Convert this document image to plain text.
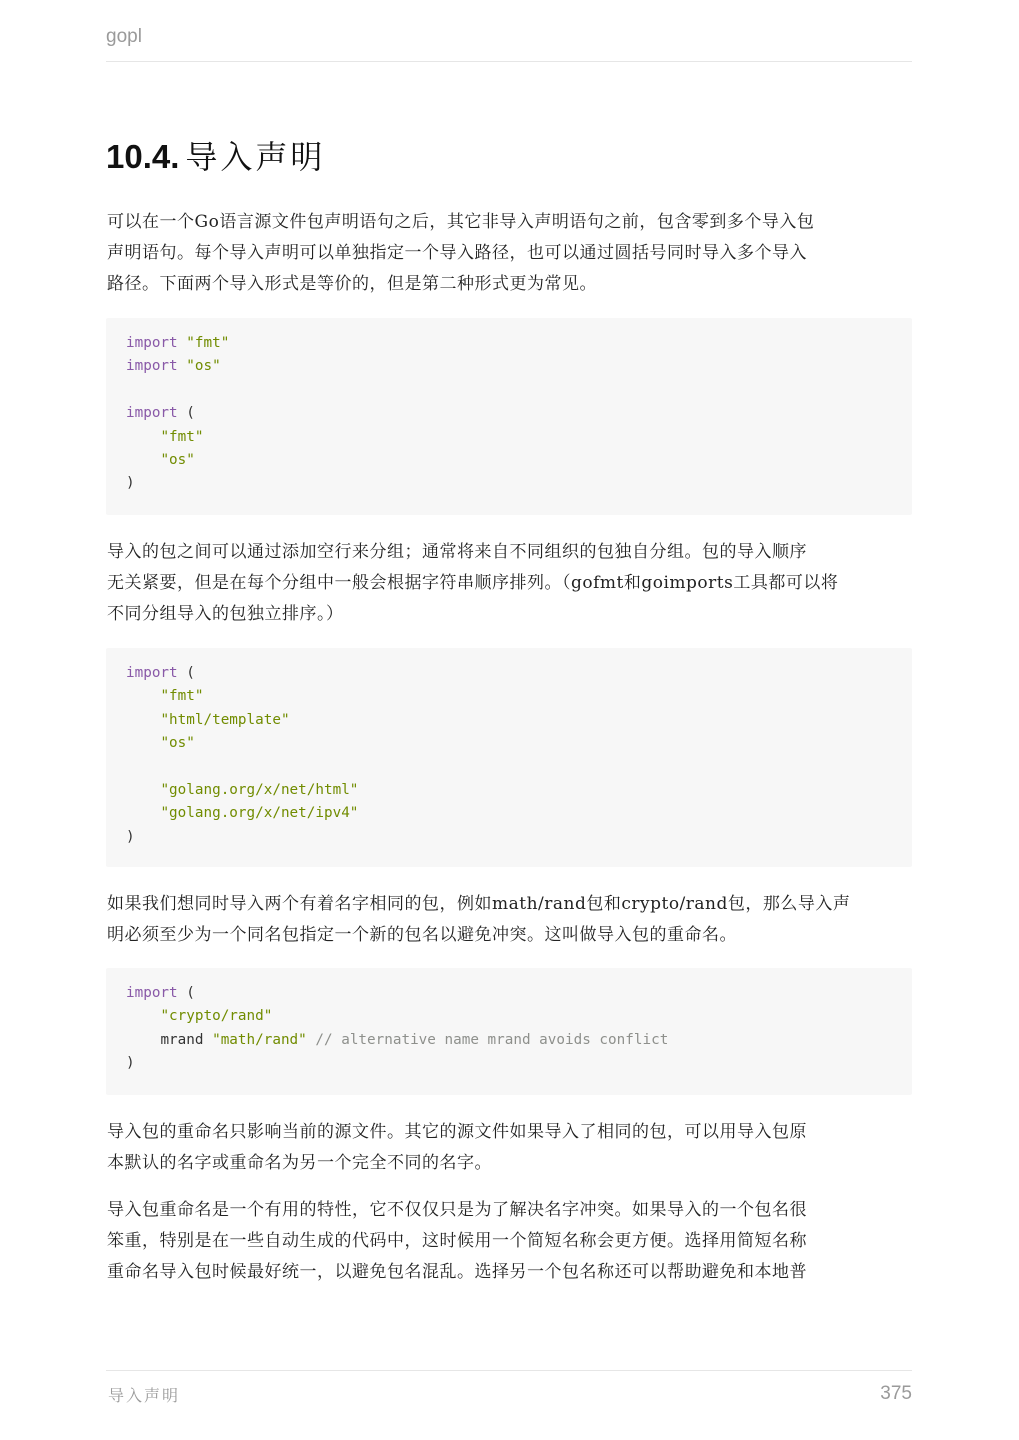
gopl
10.4. 导入声明
可以在一个Go语言源文件包声明语句之后，其它非导入声明语句之前，包含零到多个导入包
声明语句。每个导入声明可以单独指定一个导入路径，也可以通过圆括号同时导入多个导入
路径。下面两个导入形式是等价的，但是第二种形式更为常见。
import "fmt"
import "os"

import (
"fmt"
"os"
)
导入的包之间可以通过添加空行来分组；通常将来自不同组织的包独自分组。包的导入顺序
无关紧要，但是在每个分组中一般会根据字符串顺序排列。（gofmt和goimports工具都可以将
不同分组导入的包独立排序。）
import (
"fmt"
"html/template"
"os"

"golang.org/x/net/html"
"golang.org/x/net/ipv4"
)
如果我们想同时导入两个有着名字相同的包，例如math/rand包和crypto/rand包，那么导入声
明必须至少为一个同名包指定一个新的包名以避免冲突。这叫做导入包的重命名。
import (
"crypto/rand"
mrand "math/rand" // alternative name mrand avoids conflict
)
导入包的重命名只影响当前的源文件。其它的源文件如果导入了相同的包，可以用导入包原
本默认的名字或重命名为另一个完全不同的名字。
导入包重命名是一个有用的特性，它不仅仅只是为了解决名字冲突。如果导入的一个包名很
笨重，特别是在一些自动生成的代码中，这时候用一个简短名称会更方便。选择用简短名称
重命名导入包时候最好统一，以避免包名混乱。选择另一个包名称还可以帮助避免和本地普
导入声明	375
